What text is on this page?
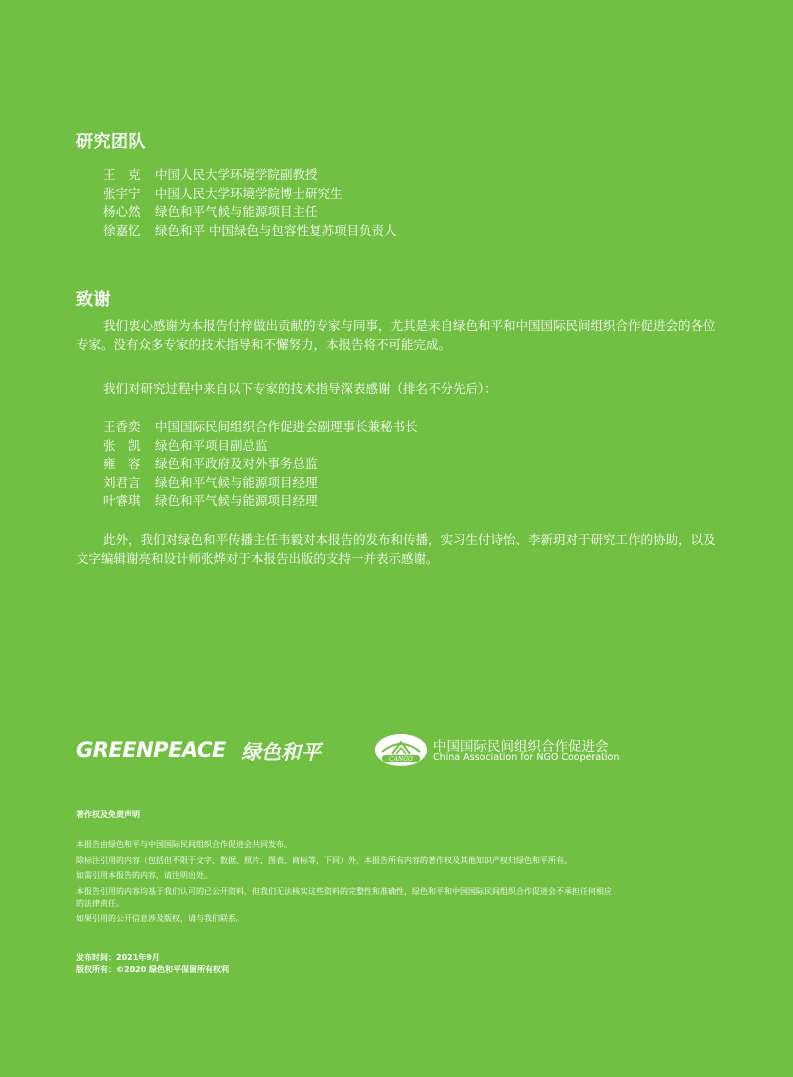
研究团队
王　克 中国人民大学环境学院副教授
张宇宁 中国人民大学环境学院博士研究生
杨心然 绿色和平气候与能源项目主任
徐嘉忆 绿色和平 中国绿色与包容性复苏项目负责人
致谢

我们衷心感谢为本报告付梓做出贡献的专家与同事，尤其是来自绿色和平和中国国际民间组织合作促进会的各位专家。没有众多专家的技术指导和不懈努力，本报告将不可能完成。

我们对研究过程中来自以下专家的技术指导深表感谢（排名不分先后）：

王香奕 中国国际民间组织合作促进会副理事长兼秘书长
张　凯 绿色和平项目副总监
雍　容 绿色和平政府及对外事务总监
刘君言 绿色和平气候与能源项目经理
叶睿琪 绿色和平气候与能源项目经理

此外，我们对绿色和平传播主任韦毅对本报告的发布和传播，实习生付诗怡、李新玥对于研究工作的协助，以及文字编辑谢亮和设计师张烨对于本报告出版的支持一并表示感谢。

GREENPEACE 绿色和平	CANGO
中国国际民间组织合作促进会
China Association for NGO Cooperation
著作权及免责声明
本报告由绿色和平与中国国际民间组织合作促进会共同发布。
除标注引用的内容（包括但不限于文字、数据、照片、图表、商标等，下同）外，本报告所有内容的著作权及其他知识产权归绿色和平所有。
如需引用本报告的内容，请注明出处。
本报告引用的内容均基于我们认可的已公开资料，但我们无法核实这些资料的完整性和准确性，绿色和平和中国国际民间组织合作促进会不承担任何相应
的法律责任。
如果引用的公开信息涉及版权，请与我们联系。
发布时间：2021年9月
版权所有：©2020 绿色和平保留所有权利
